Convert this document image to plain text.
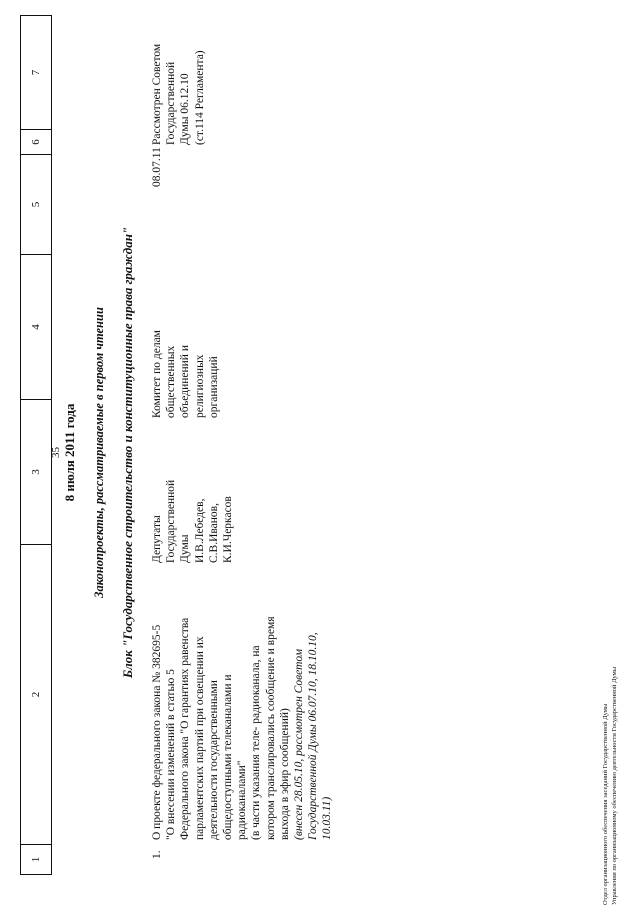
1
2
3
4
5
6
7
35 8 июля 2011 года Законопроекты, рассматриваемые в первом чтении Блок "Государственное строительство и конституционные права граждан"
1.
О проекте федерального закона № 382695-5 "О внесении изменений в статью 5 Федерального закона "О гарантиях равенства парламентских партий при освещении их деятельности государственными общедоступными телеканалами и радиоканалами" (в части указания теле- радиоканала, на котором транслировались сообщение и время выхода в эфир сообщений) (внесен 28.05.10, рассмотрен Советом Государственной Думы 06.07.10, 18.10.10, 10.03.11)
Депутаты Государственной Думы И.В.Лебедев, С.В.Иванов, К.И.Черкасов
Комитет по делам общественных объединений и религиозных организаций
08.07.11
Рассмотрен Советом Государственной Думы 06.12.10 (ст.114 Регламента)
Отдел организационного обеспечения заседаний Государственной Думы Управления по организационному обеспечению деятельности Государственной Думы
